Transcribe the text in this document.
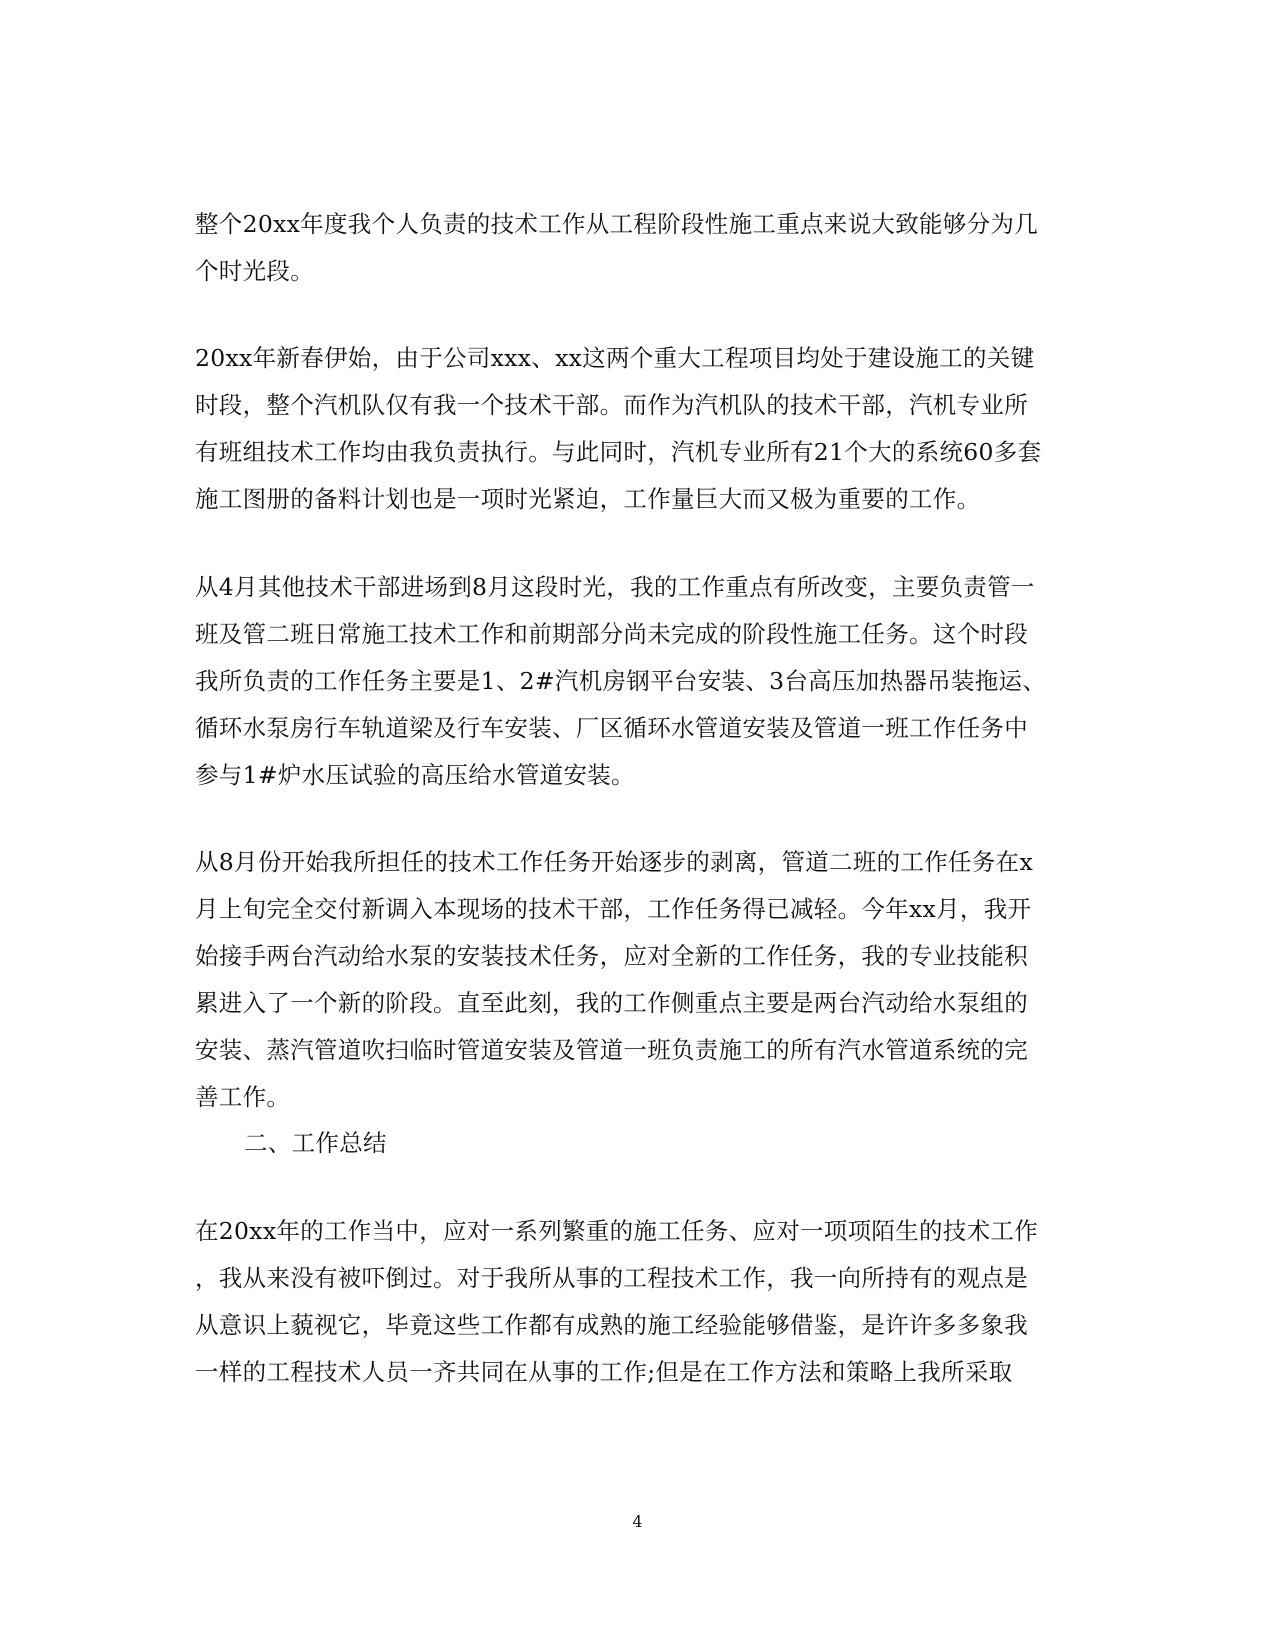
整个20xx年度我个人负责的技术工作从工程阶段性施工重点来说大致能够分为几
个时光段。
20xx年新春伊始，由于公司xxx、xx这两个重大工程项目均处于建设施工的关键
时段，整个汽机队仅有我一个技术干部。而作为汽机队的技术干部，汽机专业所
有班组技术工作均由我负责执行。与此同时，汽机专业所有21个大的系统60多套
施工图册的备料计划也是一项时光紧迫，工作量巨大而又极为重要的工作。
从4月其他技术干部进场到8月这段时光，我的工作重点有所改变，主要负责管一
班及管二班日常施工技术工作和前期部分尚未完成的阶段性施工任务。这个时段
我所负责的工作任务主要是1、2#汽机房钢平台安装、3台高压加热器吊装拖运、
循环水泵房行车轨道梁及行车安装、厂区循环水管道安装及管道一班工作任务中
参与1#炉水压试验的高压给水管道安装。
从8月份开始我所担任的技术工作任务开始逐步的剥离，管道二班的工作任务在x
月上旬完全交付新调入本现场的技术干部，工作任务得已减轻。今年xx月，我开
始接手两台汽动给水泵的安装技术任务，应对全新的工作任务，我的专业技能积
累进入了一个新的阶段。直至此刻，我的工作侧重点主要是两台汽动给水泵组的
安装、蒸汽管道吹扫临时管道安装及管道一班负责施工的所有汽水管道系统的完
善工作。
二、工作总结
在20xx年的工作当中，应对一系列繁重的施工任务、应对一项项陌生的技术工作
，我从来没有被吓倒过。对于我所从事的工程技术工作，我一向所持有的观点是
从意识上藐视它，毕竟这些工作都有成熟的施工经验能够借鉴，是许许多多象我
一样的工程技术人员一齐共同在从事的工作;但是在工作方法和策略上我所采取
4
